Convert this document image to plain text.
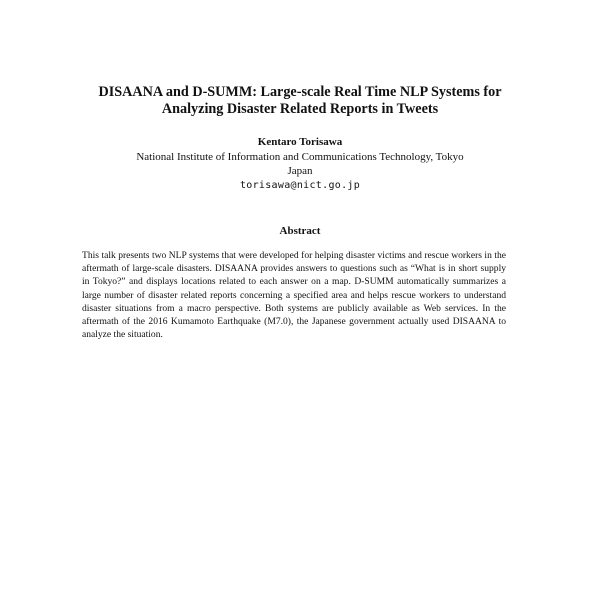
DISAANA and D-SUMM: Large-scale Real Time NLP Systems for
Analyzing Disaster Related Reports in Tweets
Kentaro Torisawa
National Institute of Information and Communications Technology, Tokyo
Japan
torisawa@nict.go.jp
Abstract

This talk presents two NLP systems that were developed for helping disaster victims and rescue workers in the aftermath of large-scale disasters. DISAANA provides answers to questions such as “What is in short supply in Tokyo?” and displays locations related to each answer on a map. D-SUMM automatically summarizes a large number of disaster related reports concerning a specified area and helps rescue workers to understand disaster situations from a macro perspective. Both systems are publicly available as Web services. In the aftermath of the 2016 Kumamoto Earthquake (M7.0), the Japanese government actually used DISAANA to analyze the situation.
